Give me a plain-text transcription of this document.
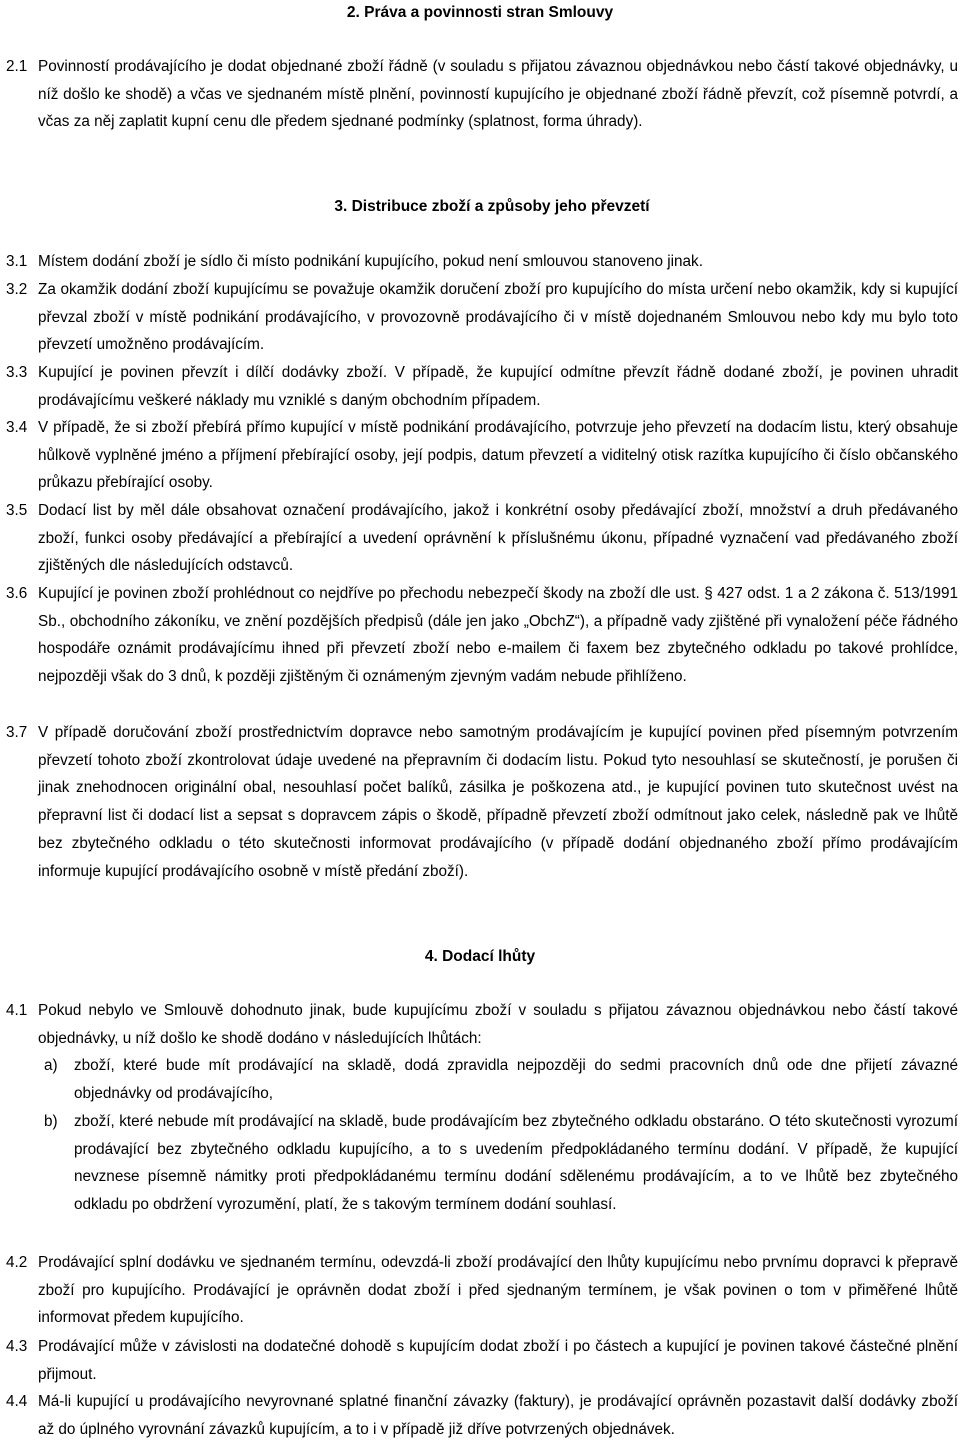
2. Práva a povinnosti stran Smlouvy
2.1 Povinností prodávajícího je dodat objednané zboží řádně (v souladu s přijatou závaznou objednávkou nebo částí takové objednávky, u níž došlo ke shodě) a včas ve sjednaném místě plnění, povinností kupujícího je objednané zboží řádně převzít, což písemně potvrdí, a včas za něj zaplatit kupní cenu dle předem sjednané podmínky (splatnost, forma úhrady).
3. Distribuce zboží a způsoby jeho převzetí
3.1 Místem dodání zboží je sídlo či místo podnikání kupujícího, pokud není smlouvou stanoveno jinak.
3.2 Za okamžik dodání zboží kupujícímu se považuje okamžik doručení zboží pro kupujícího do místa určení nebo okamžik, kdy si kupující převzal zboží v místě podnikání prodávajícího, v provozovně prodávajícího či v místě dojednaném Smlouvou nebo kdy mu bylo toto převzetí umožněno prodávajícím.
3.3 Kupující je povinen převzít i dílčí dodávky zboží. V případě, že kupující odmítne převzít řádně dodané zboží, je povinen uhradit prodávajícímu veškeré náklady mu vzniklé s daným obchodním případem.
3.4 V případě, že si zboží přebírá přímo kupující v místě podnikání prodávajícího, potvrzuje jeho převzetí na dodacím listu, který obsahuje hůlkově vyplněné jméno a příjmení přebírající osoby, její podpis, datum převzetí a viditelný otisk razítka kupujícího či číslo občanského průkazu přebírající osoby.
3.5 Dodací list by měl dále obsahovat označení prodávajícího, jakož i konkrétní osoby předávající zboží, množství a druh předávaného zboží, funkci osoby předávající a přebírající a uvedení oprávnění k příslušnému úkonu, případné vyznačení vad předávaného zboží zjištěných dle následujících odstavců.
3.6 Kupující je povinen zboží prohlédnout co nejdříve po přechodu nebezpečí škody na zboží dle ust. § 427 odst. 1 a 2 zákona č. 513/1991 Sb., obchodního zákoníku, ve znění pozdějších předpisů (dále jen jako „ObchZ“), a případně vady zjištěné při vynaložení péče řádného hospodáře oznámit prodávajícímu ihned při převzetí zboží nebo e-mailem či faxem bez zbytečného odkladu po takové prohlídce, nejpozději však do 3 dnů, k později zjištěným či oznámeným zjevným vadám nebude přihlíženo.
3.7 V případě doručování zboží prostřednictvím dopravce nebo samotným prodávajícím je kupující povinen před písemným potvrzením převzetí tohoto zboží zkontrolovat údaje uvedené na přepravním či dodacím listu. Pokud tyto nesouhlasí se skutečností, je porušen či jinak znehodnocen originální obal, nesouhlasí počet balíků, zásilka je poškozena atd., je kupující povinen tuto skutečnost uvést na přepravní list či dodací list a sepsat s dopravcem zápis o škodě, případně převzetí zboží odmítnout jako celek, následně pak ve lhůtě bez zbytečného odkladu o této skutečnosti informovat prodávajícího (v případě dodání objednaného zboží přímo prodávajícím informuje kupující prodávajícího osobně v místě předání zboží).
4. Dodací lhůty
4.1 Pokud nebylo ve Smlouvě dohodnuto jinak, bude kupujícímu zboží v souladu s přijatou závaznou objednávkou nebo částí takové objednávky, u níž došlo ke shodě dodáno v následujících lhůtách:
a) zboží, které bude mít prodávající na skladě, dodá zpravidla nejpozději do sedmi pracovních dnů ode dne přijetí závazné objednávky od prodávajícího,
b) zboží, které nebude mít prodávající na skladě, bude prodávajícím bez zbytečného odkladu obstaráno. O této skutečnosti vyrozumí prodávající bez zbytečného odkladu kupujícího, a to s uvedením předpokládaného termínu dodání. V případě, že kupující nevznese písemně námitky proti předpokládanému termínu dodání sdělenému prodávajícím, a to ve lhůtě bez zbytečného odkladu po obdržení vyrozumění, platí, že s takovým termínem dodání souhlasí.
4.2 Prodávající splní dodávku ve sjednaném termínu, odevzdá-li zboží prodávající den lhůty kupujícímu nebo prvnímu dopravci k přepravě zboží pro kupujícího. Prodávající je oprávněn dodat zboží i před sjednaným termínem, je však povinen o tom v přiměřené lhůtě informovat předem kupujícího.
4.3 Prodávající může v závislosti na dodatečné dohodě s kupujícím dodat zboží i po částech a kupující je povinen takové částečné plnění přijmout.
4.4 Má-li kupující u prodávajícího nevyrovnané splatné finanční závazky (faktury), je prodávající oprávněn pozastavit další dodávky zboží až do úplného vyrovnání závazků kupujícím, a to i v případě již dříve potvrzených objednávek.
